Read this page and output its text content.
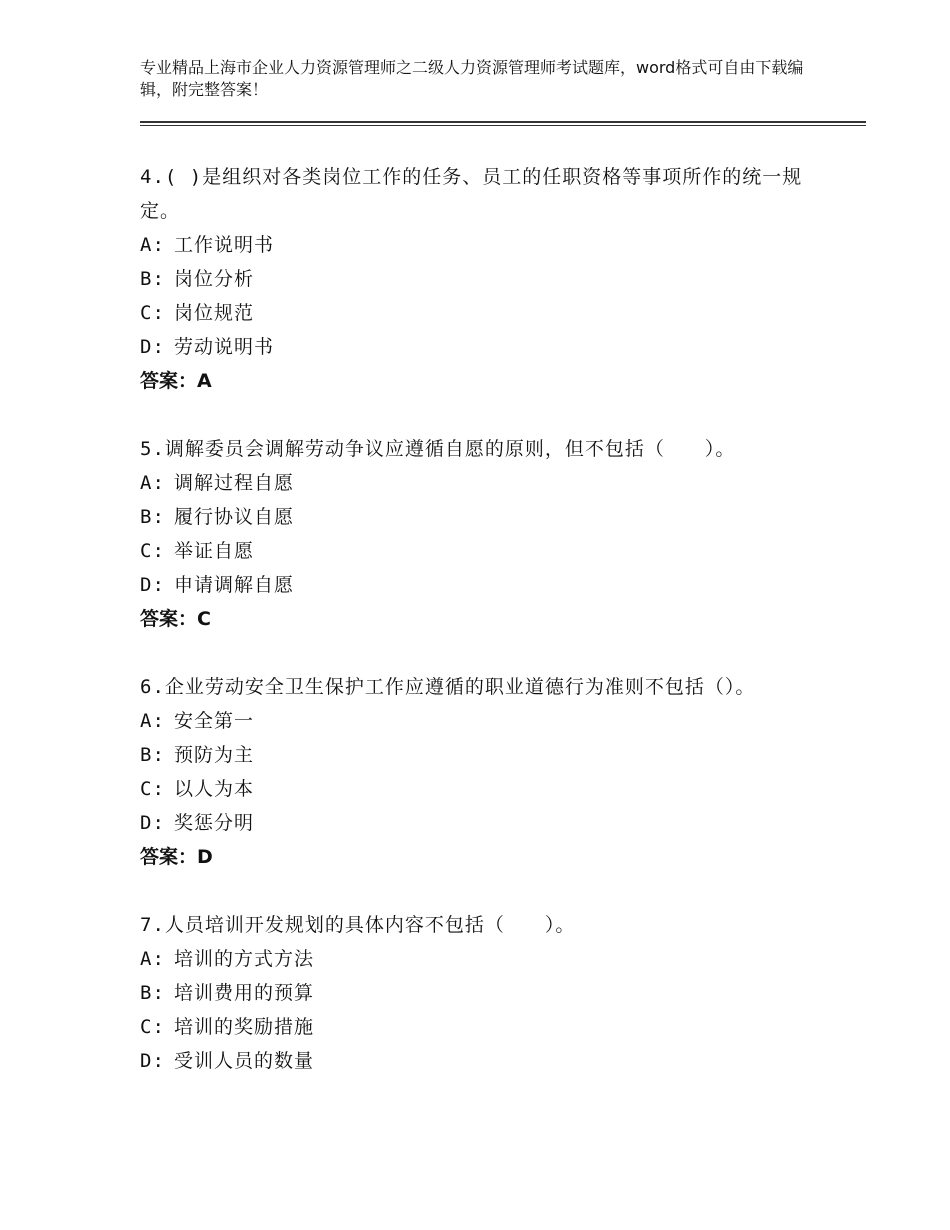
专业精品上海市企业人力资源管理师之二级人力资源管理师考试题库，word格式可自由下载编辑，附完整答案！

4.( )是组织对各类岗位工作的任务、员工的任职资格等事项所作的统一规定。

A: 工作说明书
B: 岗位分析
C: 岗位规范
D: 劳动说明书
答案：A

5.调解委员会调解劳动争议应遵循自愿的原则，但不包括（　　）。

A: 调解过程自愿
B: 履行协议自愿
C: 举证自愿
D: 申请调解自愿
答案：C

6.企业劳动安全卫生保护工作应遵循的职业道德行为准则不包括（）。

A: 安全第一
B: 预防为主
C: 以人为本
D: 奖惩分明
答案：D

7.人员培训开发规划的具体内容不包括（　　）。

A: 培训的方式方法
B: 培训费用的预算
C: 培训的奖励措施
D: 受训人员的数量
